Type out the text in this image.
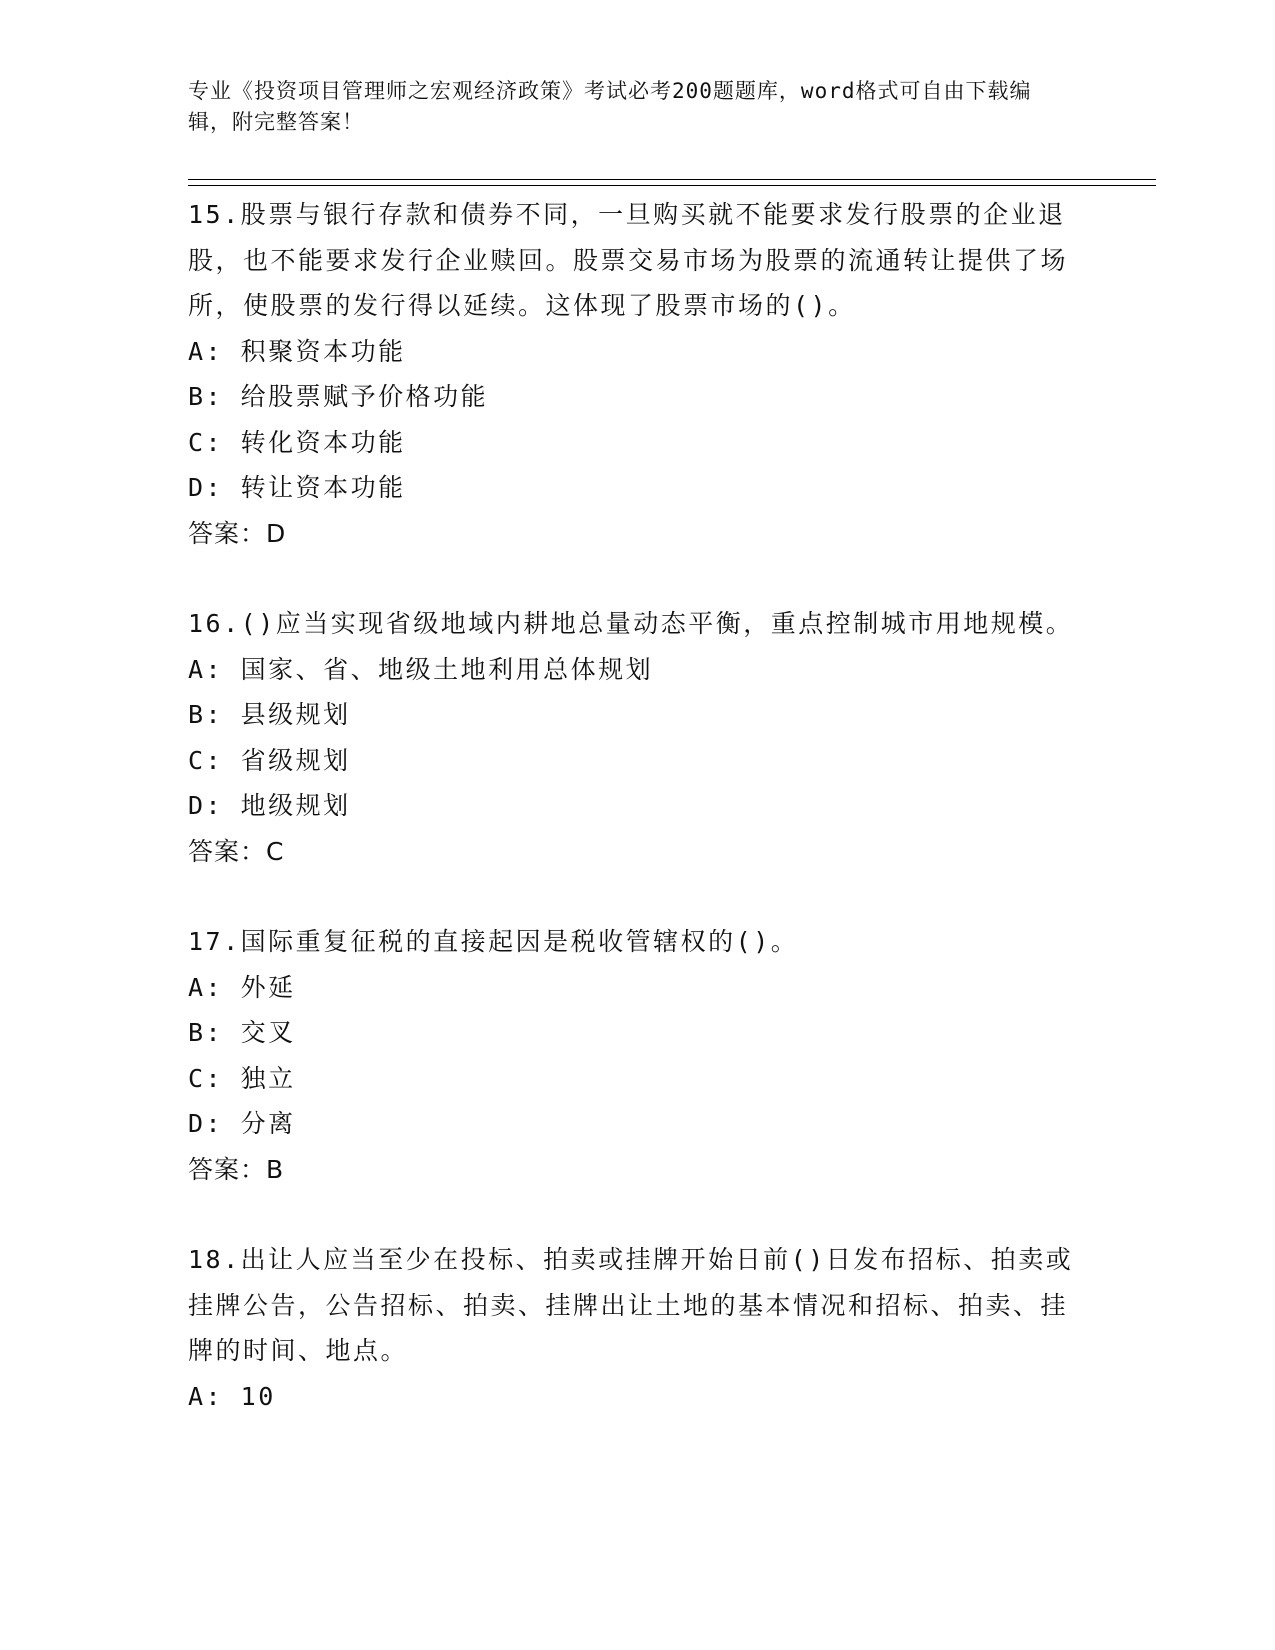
专业《投资项目管理师之宏观经济政策》考试必考200题题库，word格式可自由下载编辑，附完整答案！
15.股票与银行存款和债券不同，一旦购买就不能要求发行股票的企业退股，也不能要求发行企业赎回。股票交易市场为股票的流通转让提供了场所，使股票的发行得以延续。这体现了股票市场的()。
A: 积聚资本功能
B: 给股票赋予价格功能
C: 转化资本功能
D: 转让资本功能
答案：D
16.()应当实现省级地域内耕地总量动态平衡，重点控制城市用地规模。
A: 国家、省、地级土地利用总体规划
B: 县级规划
C: 省级规划
D: 地级规划
答案：C
17.国际重复征税的直接起因是税收管辖权的()。
A: 外延
B: 交叉
C: 独立
D: 分离
答案：B
18.出让人应当至少在投标、拍卖或挂牌开始日前()日发布招标、拍卖或挂牌公告，公告招标、拍卖、挂牌出让土地的基本情况和招标、拍卖、挂牌的时间、地点。
A: 10
